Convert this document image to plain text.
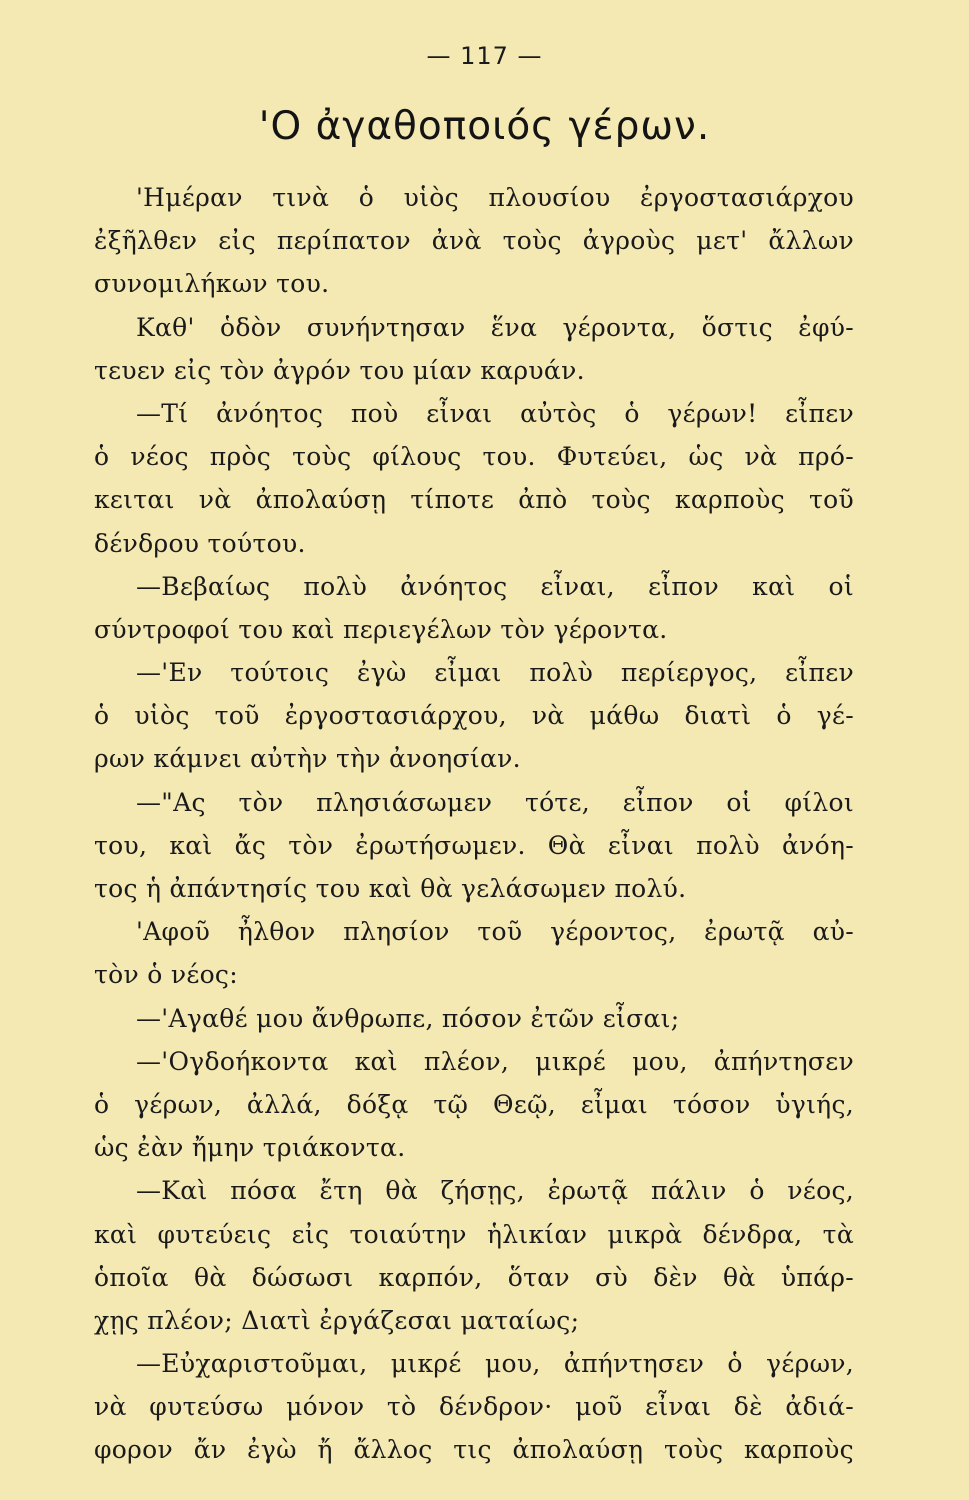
— 117 —
'Ο ἀγαθοποιός γέρων.
'Ημέραν τινὰ ὁ υἱὸς πλουσίου ἐργοστασιάρχου
ἐξῆλθεν εἰς περίπατον ἀνὰ τοὺς ἀγροὺς μετ' ἄλλων
συνομιλήκων του.
Καθ' ὁδὸν συνήντησαν ἕνα γέροντα, ὅστις ἐφύ-
τευεν εἰς τὸν ἀγρόν του μίαν καρυάν.
—Τί ἀνόητος ποὺ εἶναι αὐτὸς ὁ γέρων! εἶπεν
ὁ νέος πρὸς τοὺς φίλους του. Φυτεύει, ὡς νὰ πρό-
κειται νὰ ἀπολαύσῃ τίποτε ἀπὸ τοὺς καρποὺς τοῦ
δένδρου τούτου.
—Βεβαίως πολὺ ἀνόητος εἶναι, εἶπον καὶ οἱ
σύντροφοί του καὶ περιεγέλων τὸν γέροντα.
—'Εν τούτοις ἐγὼ εἶμαι πολὺ περίεργος, εἶπεν
ὁ υἱὸς τοῦ ἐργοστασιάρχου, νὰ μάθω διατὶ ὁ γέ-
ρων κάμνει αὐτὴν τὴν ἀνοησίαν.
—"Ας τὸν πλησιάσωμεν τότε, εἶπον οἱ φίλοι
του, καὶ ἄς τὸν ἐρωτήσωμεν. Θὰ εἶναι πολὺ ἀνόη-
τος ἡ ἀπάντησίς του καὶ θὰ γελάσωμεν πολύ.
'Αφοῦ ἦλθον πλησίον τοῦ γέροντος, ἐρωτᾷ αὐ-
τὸν ὁ νέος:
—'Αγαθέ μου ἄνθρωπε, πόσον ἐτῶν εἶσαι;
—'Ογδοήκοντα καὶ πλέον, μικρέ μου, ἀπήντησεν
ὁ γέρων, ἀλλά, δόξᾳ τῷ Θεῷ, εἶμαι τόσον ὑγιής,
ὡς ἐὰν ἤμην τριάκοντα.
—Καὶ πόσα ἔτη θὰ ζήσῃς, ἐρωτᾷ πάλιν ὁ νέος,
καὶ φυτεύεις εἰς τοιαύτην ἡλικίαν μικρὰ δένδρα, τὰ
ὁποῖα θὰ δώσωσι καρπόν, ὅταν σὺ δὲν θὰ ὑπάρ-
χῃς πλέον; Διατὶ ἐργάζεσαι ματαίως;
—Εὐχαριστοῦμαι, μικρέ μου, ἀπήντησεν ὁ γέρων,
νὰ φυτεύσω μόνον τὸ δένδρον· μοῦ εἶναι δὲ ἀδιά-
φορον ἄν ἐγὼ ἤ ἄλλος τις ἀπολαύσῃ τοὺς καρποὺς
